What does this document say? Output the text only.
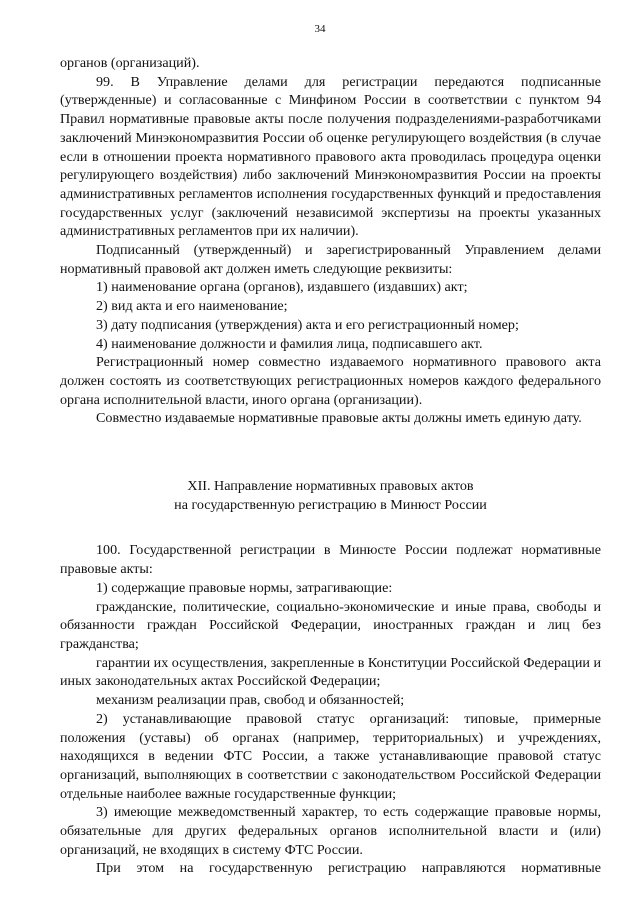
34

органов (организаций).

99. В Управление делами для регистрации передаются подписанные (утвержденные) и согласованные с Минфином России в соответствии с пунктом 94 Правил нормативные правовые акты после получения подразделениями-разработчиками заключений Минэкономразвития России об оценке регулирующего воздействия (в случае если в отношении проекта нормативного правового акта проводилась процедура оценки регулирующего воздействия) либо заключений Минэкономразвития России на проекты административных регламентов исполнения государственных функций и предоставления государственных услуг (заключений независимой экспертизы на проекты указанных административных регламентов при их наличии).

Подписанный (утвержденный) и зарегистрированный Управлением делами нормативный правовой акт должен иметь следующие реквизиты:

1) наименование органа (органов), издавшего (издавших) акт;

2) вид акта и его наименование;

3) дату подписания (утверждения) акта и его регистрационный номер;

4) наименование должности и фамилия лица, подписавшего акт.

Регистрационный номер совместно издаваемого нормативного правового акта должен состоять из соответствующих регистрационных номеров каждого федерального органа исполнительной власти, иного органа (организации).

Совместно издаваемые нормативные правовые акты должны иметь единую дату.

XII. Направление нормативных правовых актов

на государственную регистрацию в Минюст России

100. Государственной регистрации в Минюсте России подлежат нормативные правовые акты:

1) содержащие правовые нормы, затрагивающие:

гражданские, политические, социально-экономические и иные права, свободы и обязанности граждан Российской Федерации, иностранных граждан и лиц без гражданства;

гарантии их осуществления, закрепленные в Конституции Российской Федерации и иных законодательных актах Российской Федерации;

механизм реализации прав, свобод и обязанностей;

2) устанавливающие правовой статус организаций: типовые, примерные положения (уставы) об органах (например, территориальных) и учреждениях, находящихся в ведении ФТС России, а также устанавливающие правовой статус организаций, выполняющих в соответствии с законодательством Российской Федерации отдельные наиболее важные государственные функции;

3) имеющие межведомственный характер, то есть содержащие правовые нормы, обязательные для других федеральных органов исполнительной власти и (или) организаций, не входящих в систему ФТС России.

При этом на государственную регистрацию направляются нормативные
